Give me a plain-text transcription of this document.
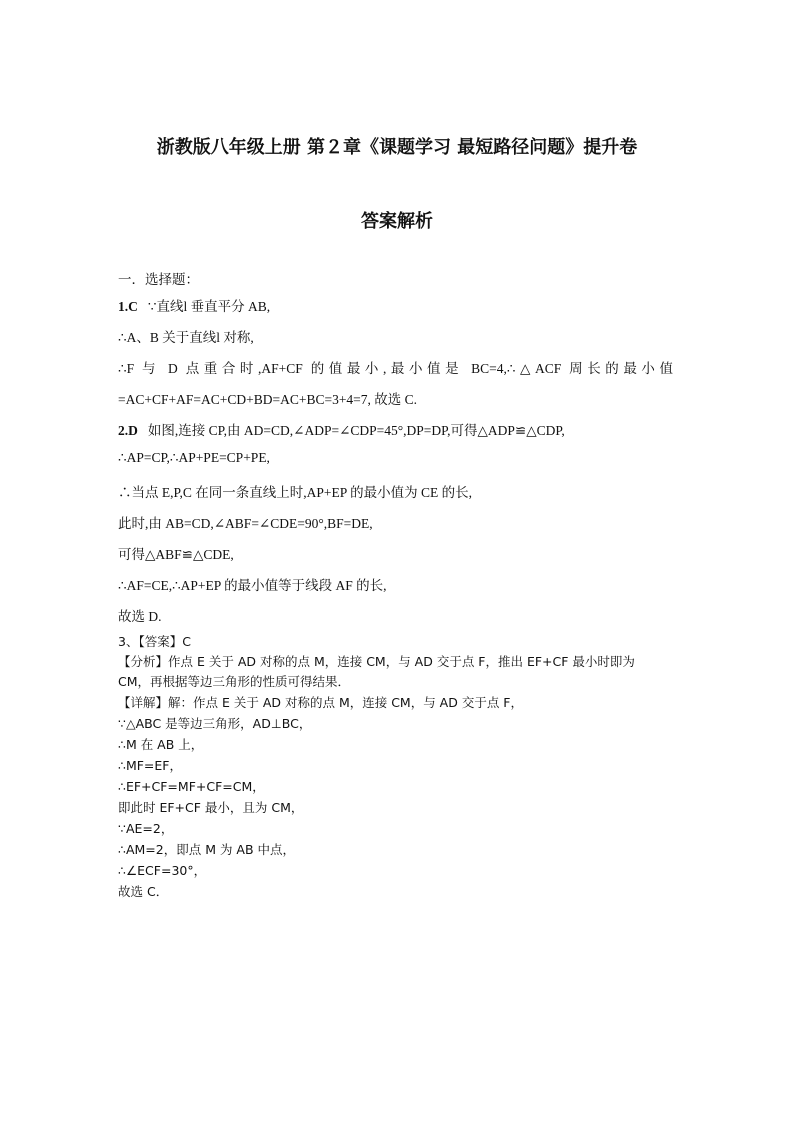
浙教版八年级上册 第２章《课题学习 最短路径问题》提升卷
答案解析
一．选择题：
1.C ∵直线l 垂直平分 AB,
∴A、B 关于直线l 对称,
∴F 与 D 点重合时,AF+CF 的值最小,最小值是 BC=4,∴△ACF 周长的最小值
=AC+CF+AF=AC+CD+BD=AC+BC=3+4=7, 故选 C.
2.D 如图,连接 CP,由 AD=CD,∠ADP=∠CDP=45°,DP=DP,可得△ADP≌△CDP,
∴AP=CP,∴AP+PE=CP+PE,
∴当点 E,P,C 在同一条直线上时,AP+EP 的最小值为 CE 的长,
此时,由 AB=CD,∠ABF=∠CDE=90°,BF=DE,
可得△ABF≌△CDE,
∴AF=CE,∴AP+EP 的最小值等于线段 AF 的长,
故选 D.
3、【答案】C
【分析】作点 E 关于 AD 对称的点 M，连接 CM，与 AD 交于点 F，推出 EF+CF 最小时即为
CM，再根据等边三角形的性质可得结果．
【详解】解：作点 E 关于 AD 对称的点 M，连接 CM，与 AD 交于点 F，
∵△ABC 是等边三角形，AD⊥BC，
∴M 在 AB 上，
∴MF=EF，
∴EF+CF=MF+CF=CM，
即此时 EF+CF 最小，且为 CM，
∵AE=2，
∴AM=2，即点 M 为 AB 中点，
∴∠ECF=30°，
故选 C．
